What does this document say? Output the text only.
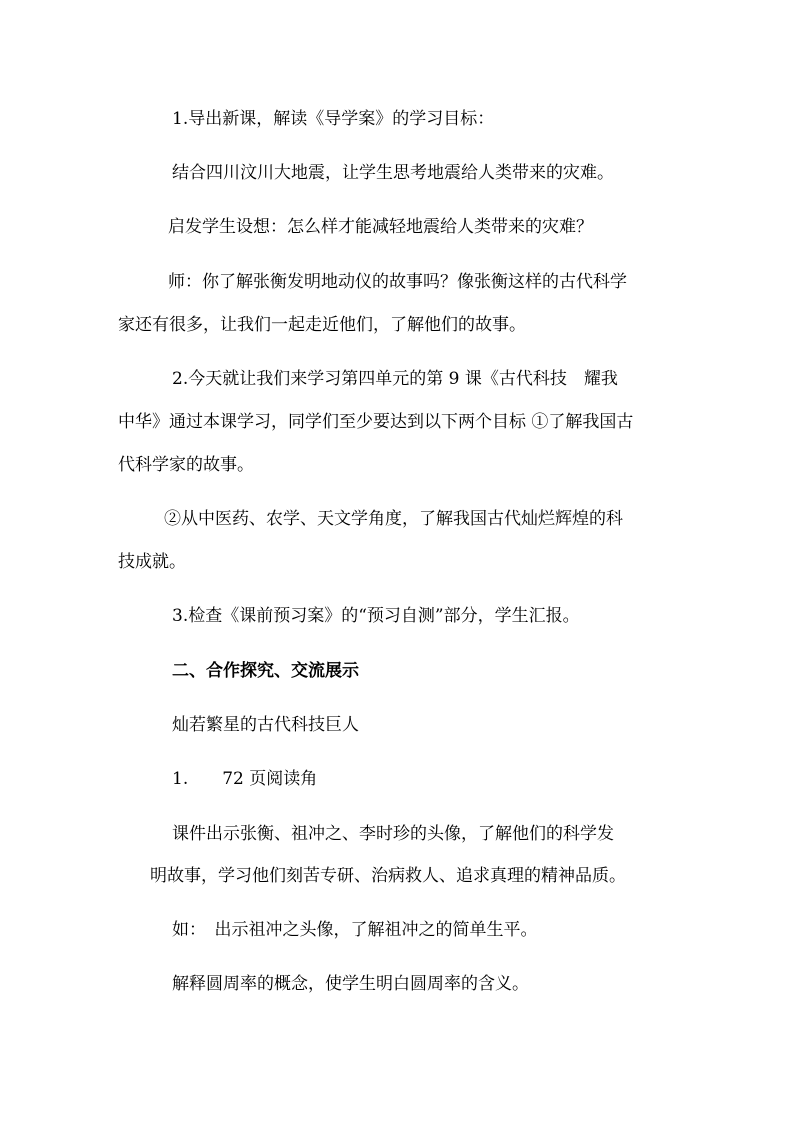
1.导出新课，解读《导学案》的学习目标：
结合四川汶川大地震，让学生思考地震给人类带来的灾难。
启发学生设想：怎么样才能减轻地震给人类带来的灾难？
师：你了解张衡发明地动仪的故事吗？像张衡这样的古代科学
家还有很多，让我们一起走近他们，了解他们的故事。
2.今天就让我们来学习第四单元的第 9 课《古代科技　耀我
中华》通过本课学习，同学们至少要达到以下两个目标 ①了解我国古
代科学家的故事。
②从中医药、农学、天文学角度，了解我国古代灿烂辉煌的科
技成就。
3.检查《课前预习案》的“预习自测”部分，学生汇报。
二、合作探究、交流展示
灿若繁星的古代科技巨人
1.　　72 页阅读角
课件出示张衡、祖冲之、李时珍的头像，了解他们的科学发
明故事，学习他们刻苦专研、治病救人、追求真理的精神品质。
如：　出示祖冲之头像，了解祖冲之的简单生平。
解释圆周率的概念，使学生明白圆周率的含义。
